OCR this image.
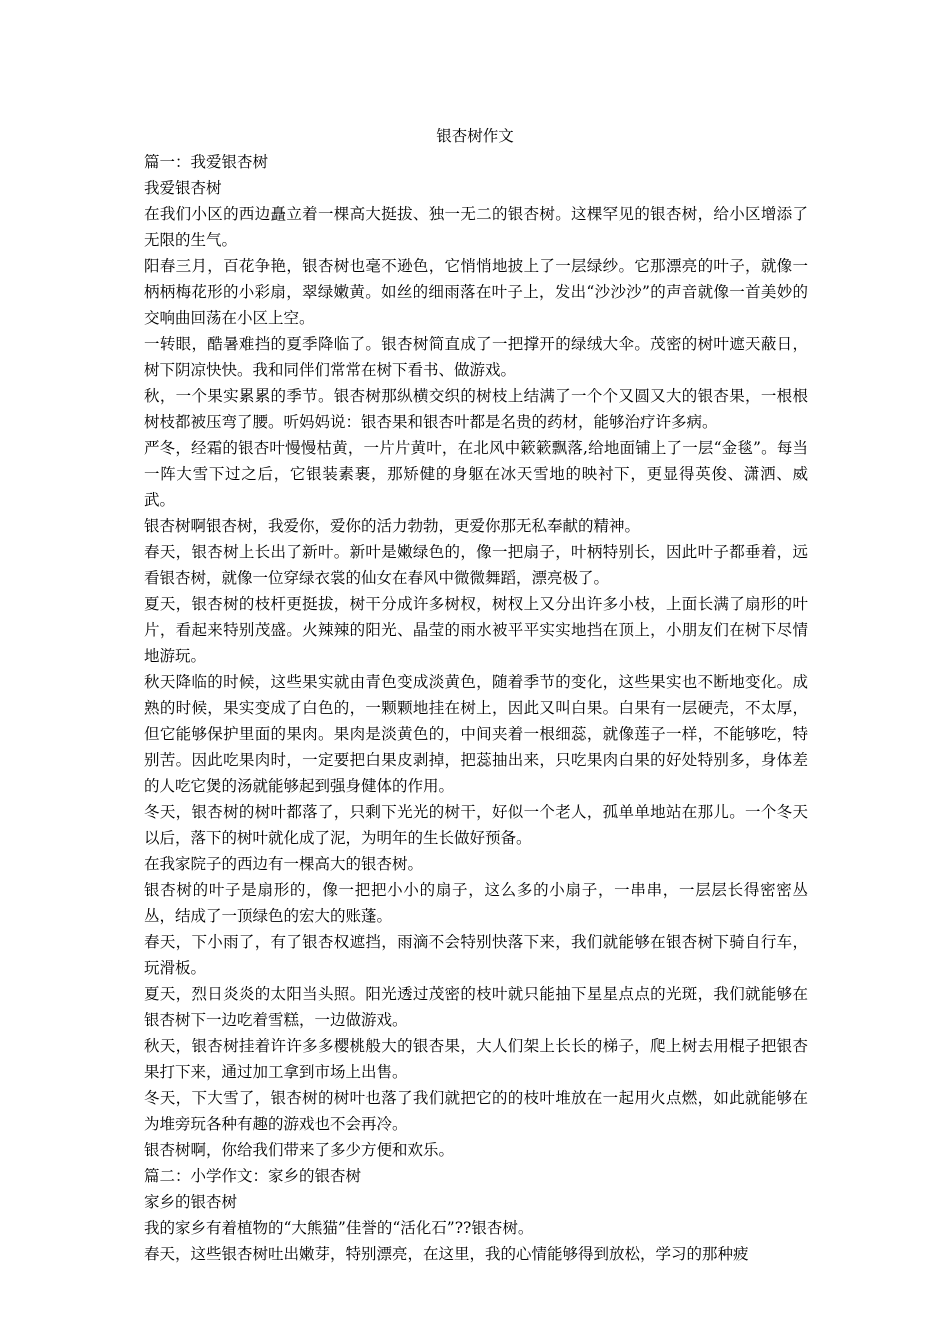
银杏树作文

篇一：我爱银杏树

我爱银杏树

在我们小区的西边矗立着一棵高大挺拔、独一无二的银杏树。这棵罕见的银杏树，给小区增添了无限的生气。

阳春三月，百花争艳，银杏树也毫不逊色，它悄悄地披上了一层绿纱。它那漂亮的叶子，就像一柄柄梅花形的小彩扇，翠绿嫩黄。如丝的细雨落在叶子上，发出“沙沙沙”的声音就像一首美妙的交响曲回荡在小区上空。

一转眼，酷暑难挡的夏季降临了。银杏树简直成了一把撑开的绿绒大伞。茂密的树叶遮天蔽日，树下阴凉快快。我和同伴们常常在树下看书、做游戏。

秋，一个果实累累的季节。银杏树那纵横交织的树枝上结满了一个个又圆又大的银杏果，一根根树枝都被压弯了腰。听妈妈说：银杏果和银杏叶都是名贵的药材，能够治疗许多病。

严冬，经霜的银杏叶慢慢枯黄，一片片黄叶，在北风中簌簌飘落,给地面铺上了一层“金毯”。每当一阵大雪下过之后，它银装素裹，那矫健的身躯在冰天雪地的映衬下，更显得英俊、潇洒、威武。

银杏树啊银杏树，我爱你，爱你的活力勃勃，更爱你那无私奉献的精神。

春天，银杏树上长出了新叶。新叶是嫩绿色的，像一把扇子，叶柄特别长，因此叶子都垂着，远看银杏树，就像一位穿绿衣裳的仙女在春风中微微舞蹈，漂亮极了。

夏天，银杏树的枝杆更挺拔，树干分成许多树杈，树杈上又分出许多小枝，上面长满了扇形的叶片，看起来特别茂盛。火辣辣的阳光、晶莹的雨水被平平实实地挡在顶上，小朋友们在树下尽情地游玩。

秋天降临的时候，这些果实就由青色变成淡黄色，随着季节的变化，这些果实也不断地变化。成熟的时候，果实变成了白色的，一颗颗地挂在树上，因此又叫白果。白果有一层硬壳，不太厚，但它能够保护里面的果肉。果肉是淡黄色的，中间夹着一根细蕊，就像莲子一样，不能够吃，特别苦。因此吃果肉时，一定要把白果皮剥掉，把蕊抽出来，只吃果肉白果的好处特别多，身体差的人吃它煲的汤就能够起到强身健体的作用。

冬天，银杏树的树叶都落了，只剩下光光的树干，好似一个老人，孤单单地站在那儿。一个冬天以后，落下的树叶就化成了泥，为明年的生长做好预备。

在我家院子的西边有一棵高大的银杏树。

银杏树的叶子是扇形的，像一把把小小的扇子，这么多的小扇子，一串串，一层层长得密密丛丛，结成了一顶绿色的宏大的账蓬。

春天，下小雨了，有了银杏权遮挡，雨滴不会特别快落下来，我们就能够在银杏树下骑自行车，玩滑板。

夏天，烈日炎炎的太阳当头照。阳光透过茂密的枝叶就只能抽下星星点点的光斑，我们就能够在银杏树下一边吃着雪糕，一边做游戏。

秋天，银杏树挂着许许多多樱桃般大的银杏果，大人们架上长长的梯子，爬上树去用棍子把银杏果打下来，通过加工拿到市场上出售。

冬天，下大雪了，银杏树的树叶也落了我们就把它的的枝叶堆放在一起用火点燃，如此就能够在为堆旁玩各种有趣的游戏也不会再冷。

银杏树啊，你给我们带来了多少方便和欢乐。

篇二：小学作文：家乡的银杏树

家乡的银杏树

我的家乡有着植物的“大熊猫”佳誉的“活化石”??银杏树。

春天，这些银杏树吐出嫩芽，特别漂亮，在这里，我的心情能够得到放松，学习的那种疲
